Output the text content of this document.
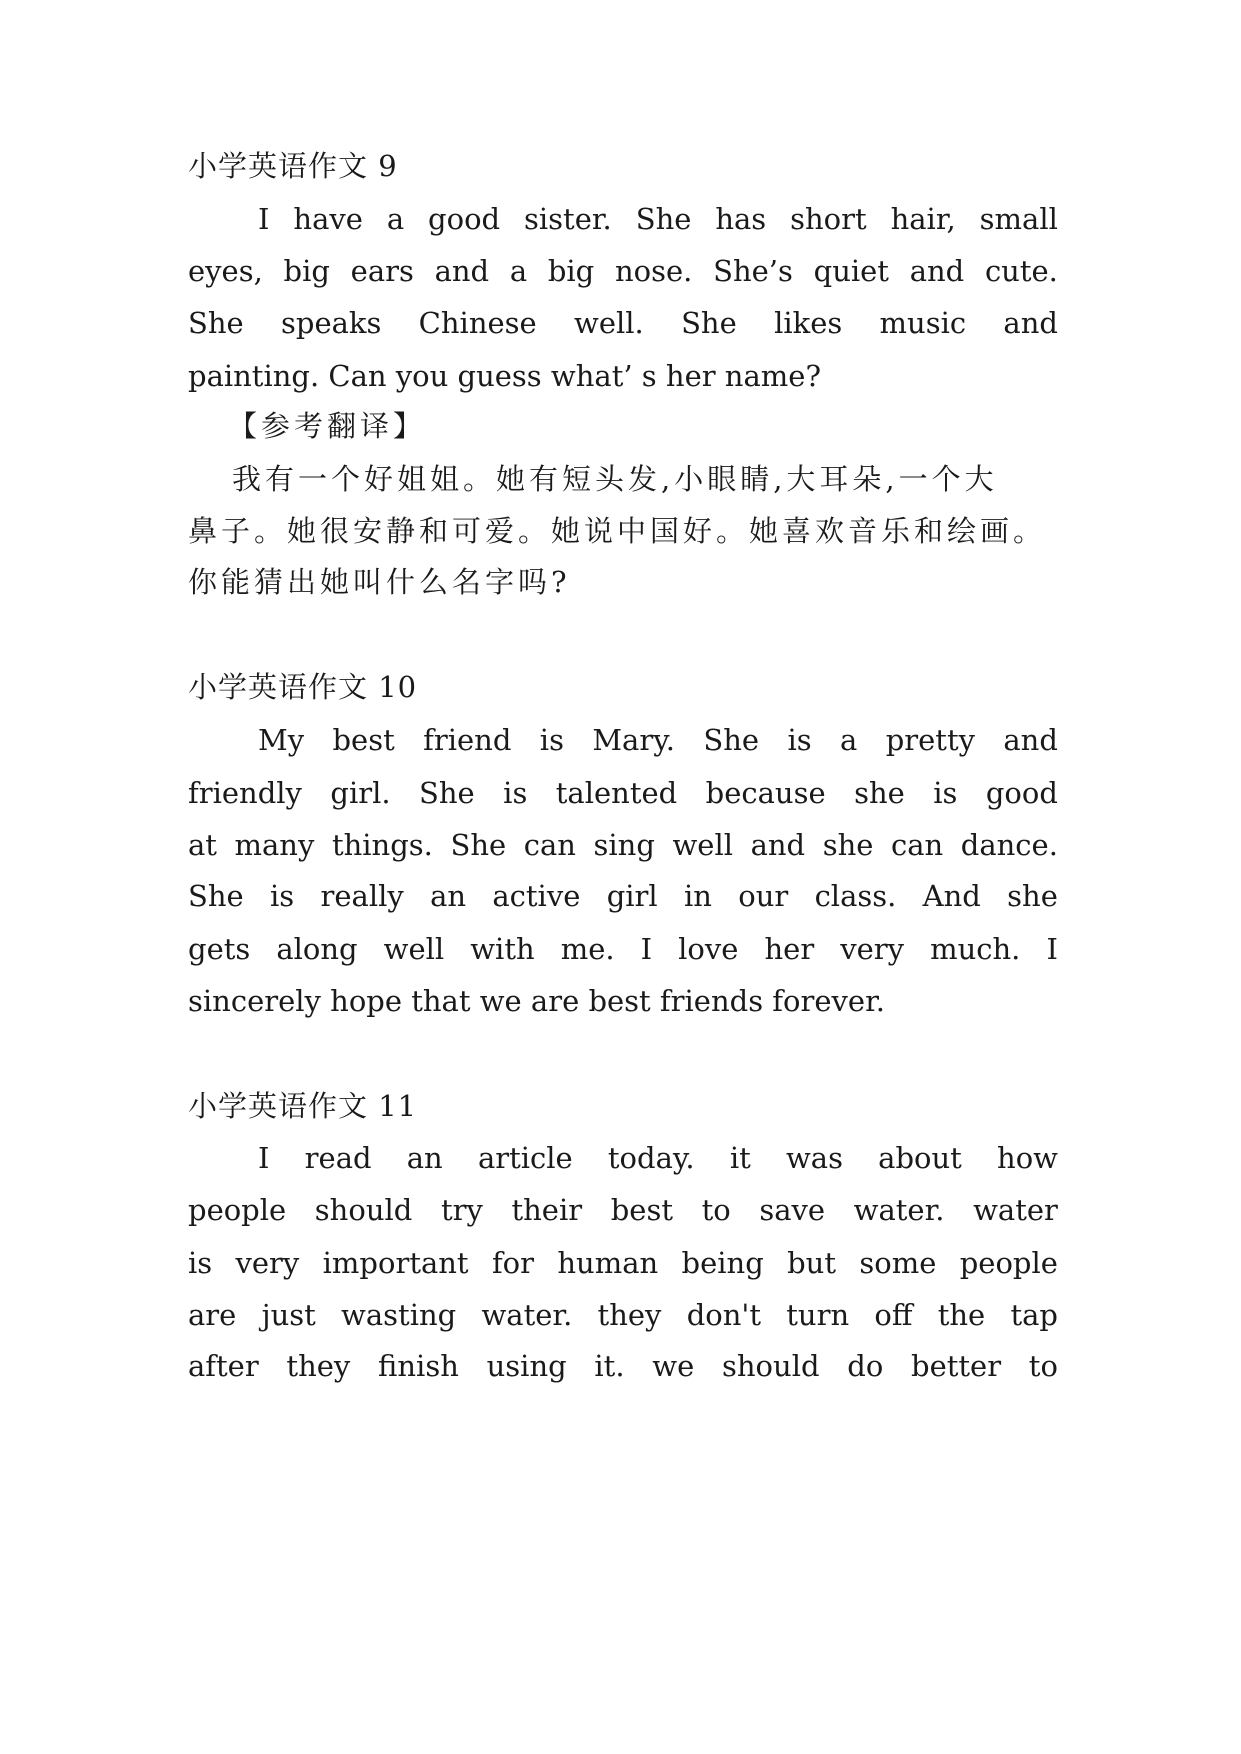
小学英语作文 9
I have a good sister. She has short hair, small
eyes, big ears and a big nose. She’s quiet and cute.
She speaks Chinese well. She likes music and
painting. Can you guess what’ s her name?
【参考翻译】
我有一个好姐姐。她有短头发,小眼睛,大耳朵,一个大
鼻子。她很安静和可爱。她说中国好。她喜欢音乐和绘画。
你能猜出她叫什么名字吗?
小学英语作文 10
My best friend is Mary. She is a pretty and
friendly girl. She is talented because she is good
at many things. She can sing well and she can dance.
She is really an active girl in our class. And she
gets along well with me. I love her very much. I
sincerely hope that we are best friends forever.
小学英语作文 11
I read an article today. it was about how
people should try their best to save water. water
is very important for human being but some people
are just wasting water. they don't turn off the tap
after they finish using it. we should do better to
